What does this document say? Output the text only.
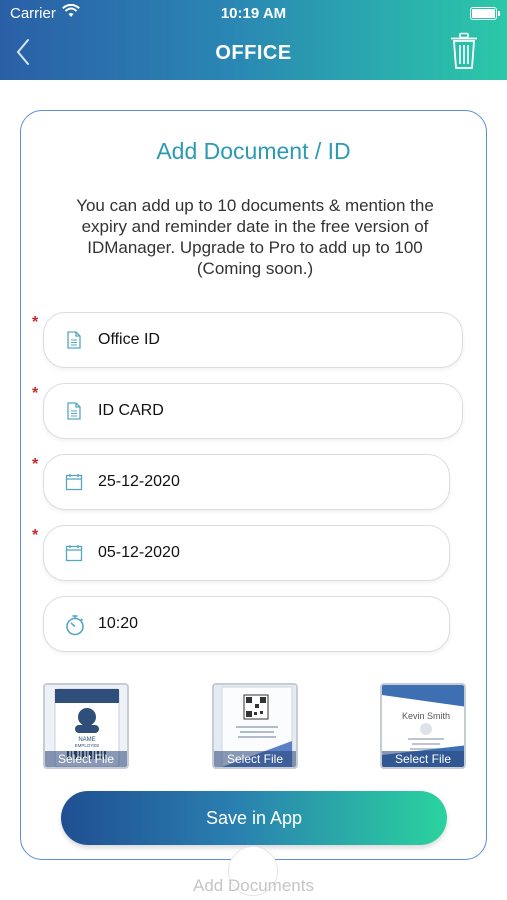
Carrier	10:19 AM
OFFICE
Add Document / ID
You can add up to 10 documents & mention the expiry and reminder date in the free version of IDManager. Upgrade to Pro to add up to 100 (Coming soon.)
*
Office ID
*
ID CARD
*
25-12-2020
*
05-12-2020
10:20
NAME
EMPLOYEE
Select File	Select File
Kevin Smith
Select File
Save in App
Add Documents
